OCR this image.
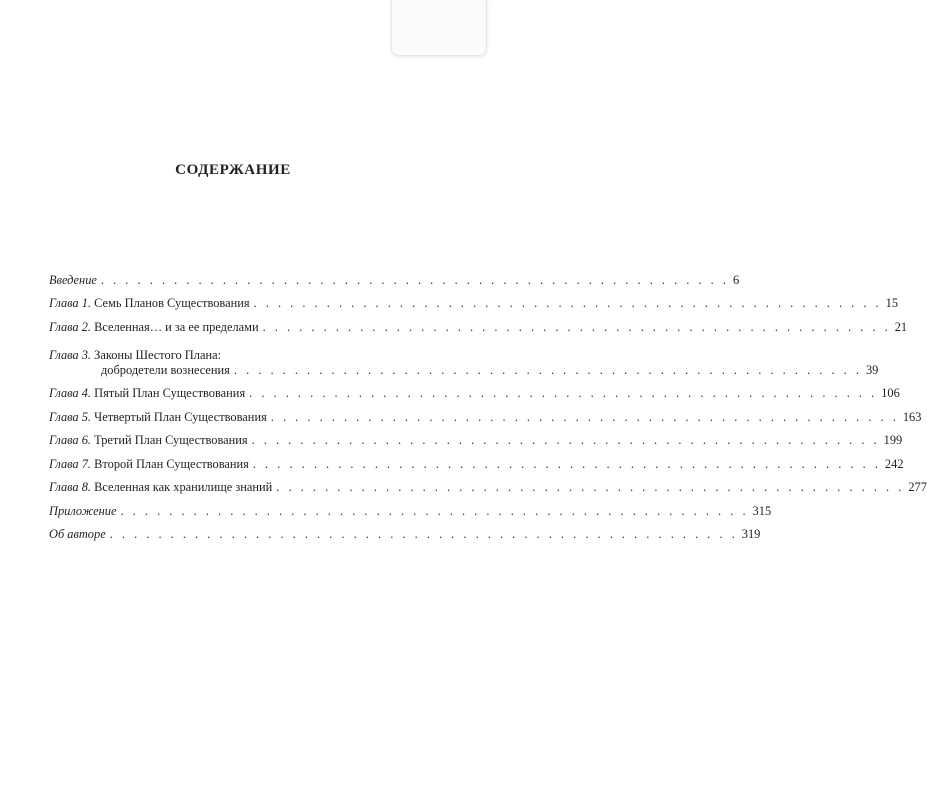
СОДЕРЖАНИЕ
Введение . . .	6
Глава 1. Семь Планов Существования . . .	15
Глава 2. Вселенная… и за ее пределами . . .	21
Глава 3. Законы Шестого Плана:
добродетели вознесения . . .	39
Глава 4. Пятый План Существования . . .	106
Глава 5. Четвертый План Существования . . .	163
Глава 6. Третий План Существования . . .	199
Глава 7. Второй План Существования . . .	242
Глава 8. Вселенная как хранилище знаний . . .	277
Приложение . . .	315
Об авторе . . .	319
